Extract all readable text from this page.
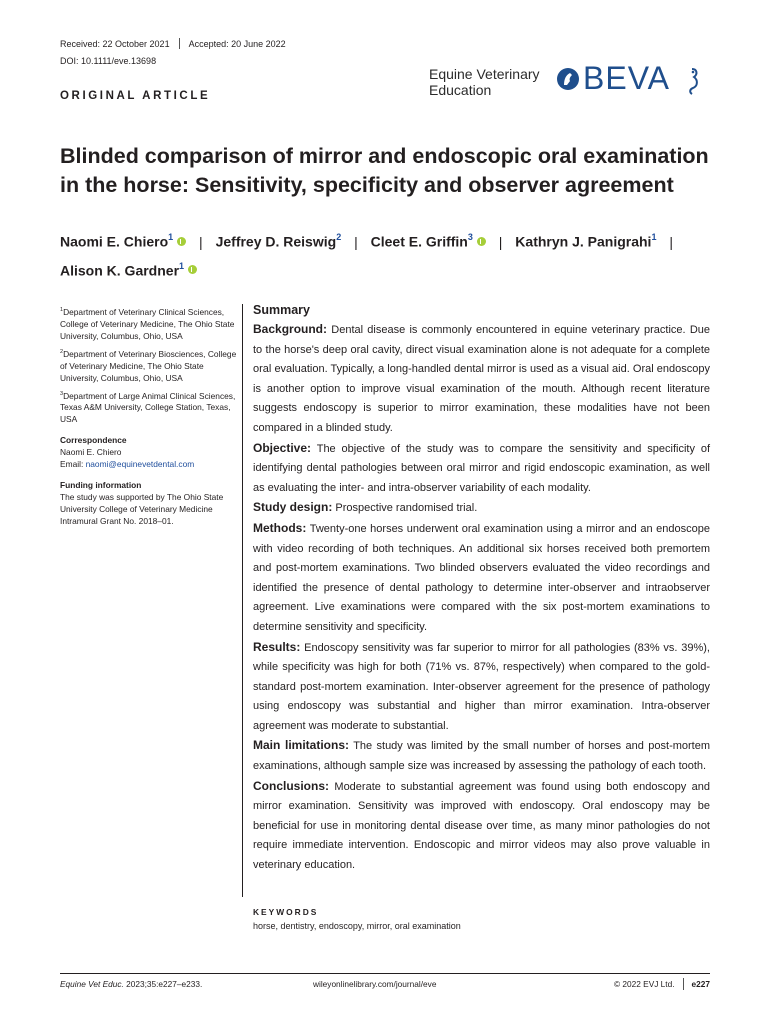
Received: 22 October 2021 Accepted: 20 June 2022
DOI: 10.1111/eve.13698
ORIGINAL ARTICLE
Equine Veterinary
Education	BEVA
Blinded comparison of mirror and endoscopic oral examination
in the horse: Sensitivity, specificity and observer agreement
Naomi E. Chiero$^1$ | Jeffrey D. Reiswig$^2$ | Cleet E. Griffin$^3$ | Kathryn J. Panigrahi$^1$ |
Alison K. Gardner$^1$
$^1$Department of Veterinary Clinical Sciences, College of Veterinary Medicine, The Ohio State University, Columbus, Ohio, USA
$^2$Department of Veterinary Biosciences, College of Veterinary Medicine, The Ohio State University, Columbus, Ohio, USA
$^3$Department of Large Animal Clinical Sciences, Texas A&M University, College Station, Texas, USA
Correspondence
Naomi E. Chiero
Email: naomi@equinevetdental.com
Funding information
The study was supported by The Ohio State University College of Veterinary Medicine Intramural Grant No. 2018–01.
Summary

Background: Dental disease is commonly encountered in equine veterinary practice. Due to the horse's deep oral cavity, direct visual examination alone is not adequate for a complete oral evaluation. Typically, a long-handled dental mirror is used as a visual aid. Oral endoscopy is another option to improve visual examination of the mouth. Although recent literature suggests endoscopy is superior to mirror examination, these modalities have not been compared in a blinded study.

Objective: The objective of the study was to compare the sensitivity and specificity of identifying dental pathologies between oral mirror and rigid endoscopic examination, as well as evaluating the inter- and intra-observer variability of each modality.

Study design: Prospective randomised trial.

Methods: Twenty-one horses underwent oral examination using a mirror and an endoscope with video recording of both techniques. An additional six horses received both premortem and post-mortem examinations. Two blinded observers evaluated the video recordings and identified the presence of dental pathology to determine inter-observer and intraobserver agreement. Live examinations were compared with the six post-mortem examinations to determine sensitivity and specificity.

Results: Endoscopy sensitivity was far superior to mirror for all pathologies (83% vs. 39%), while specificity was high for both (71% vs. 87%, respectively) when compared to the gold-standard post-mortem examination. Inter-observer agreement for the presence of pathology using endoscopy was substantial and higher than mirror examination. Intra-observer agreement was moderate to substantial.

Main limitations: The study was limited by the small number of horses and post-mortem examinations, although sample size was increased by assessing the pathology of each tooth.

Conclusions: Moderate to substantial agreement was found using both endoscopy and mirror examination. Sensitivity was improved with endoscopy. Oral endoscopy may be beneficial for use in monitoring dental disease over time, as many minor pathologies do not require immediate intervention. Endoscopic and mirror videos may also prove valuable in veterinary education.

KEYWORDS
horse, dentistry, endoscopy, mirror, oral examination
Equine Vet Educ. 2023;35:e227–e233.	wileyonlinelibrary.com/journal/eve	© 2022 EVJ Ltd. e227
